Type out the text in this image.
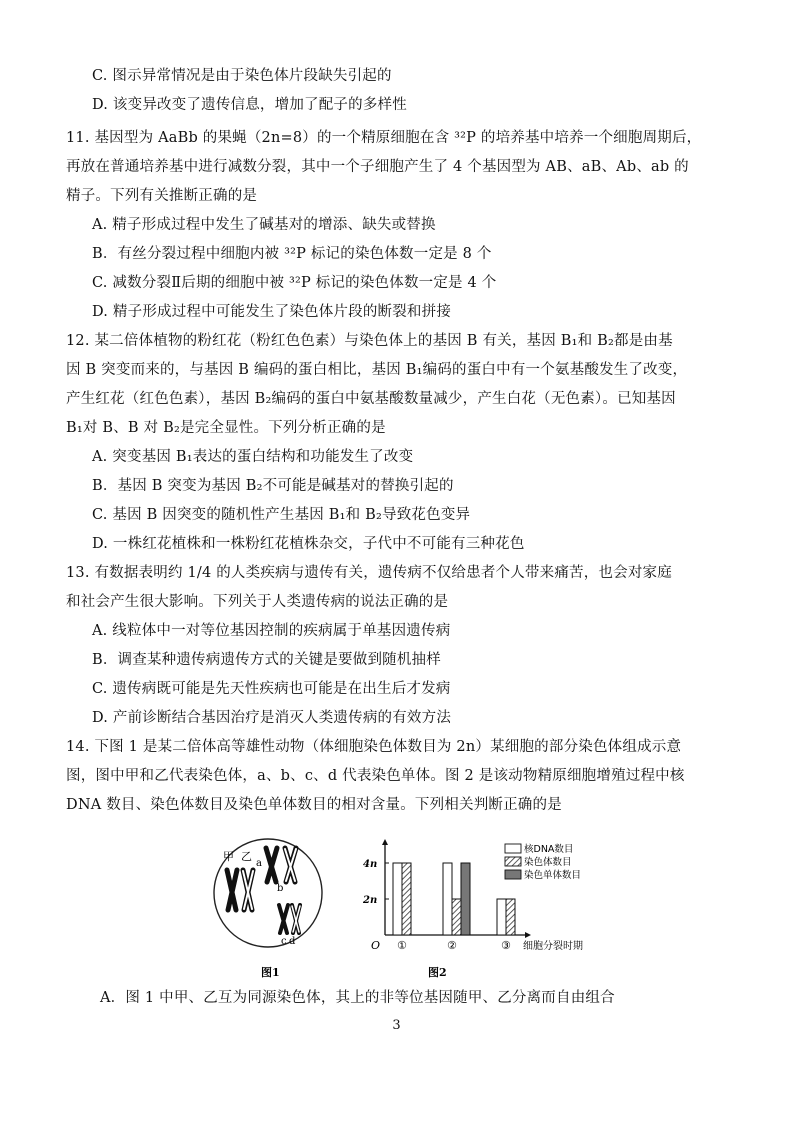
C. 图示异常情况是由于染色体片段缺失引起的
D. 该变异改变了遗传信息，增加了配子的多样性
11. 基因型为 AaBb 的果蝇（2n=8）的一个精原细胞在含 ³²P 的培养基中培养一个细胞周期后，
再放在普通培养基中进行减数分裂，其中一个子细胞产生了 4 个基因型为 AB、aB、Ab、ab 的
精子。下列有关推断正确的是
A. 精子形成过程中发生了碱基对的增添、缺失或替换
B．有丝分裂过程中细胞内被 ³²P 标记的染色体数一定是 8 个
C. 减数分裂Ⅱ后期的细胞中被 ³²P 标记的染色体数一定是 4 个
D. 精子形成过程中可能发生了染色体片段的断裂和拼接
12. 某二倍体植物的粉红花（粉红色色素）与染色体上的基因 B 有关，基因 B₁和 B₂都是由基
因 B 突变而来的，与基因 B 编码的蛋白相比，基因 B₁编码的蛋白中有一个氨基酸发生了改变，
产生红花（红色色素），基因 B₂编码的蛋白中氨基酸数量减少，产生白花（无色素）。已知基因
B₁对 B、B 对 B₂是完全显性。下列分析正确的是
A. 突变基因 B₁表达的蛋白结构和功能发生了改变
B．基因 B 突变为基因 B₂不可能是碱基对的替换引起的
C. 基因 B 因突变的随机性产生基因 B₁和 B₂导致花色变异
D. 一株红花植株和一株粉红花植株杂交，子代中不可能有三种花色
13. 有数据表明约 1/4 的人类疾病与遗传有关，遗传病不仅给患者个人带来痛苦，也会对家庭
和社会产生很大影响。下列关于人类遗传病的说法正确的是
A. 线粒体中一对等位基因控制的疾病属于单基因遗传病
B．调查某种遗传病遗传方式的关键是要做到随机抽样
C. 遗传病既可能是先天性疾病也可能是在出生后才发病
D. 产前诊断结合基因治疗是消灭人类遗传病的有效方法
14. 下图 1 是某二倍体高等雄性动物（体细胞染色体数目为 2n）某细胞的部分染色体组成示意
图，图中甲和乙代表染色体，a、b、c、d 代表染色单体。图 2 是该动物精原细胞增殖过程中核
DNA 数目、染色体数目及染色单体数目的相对含量。下列相关判断正确的是
甲 乙
a
b
c d
图1
O
4n
2n
细胞分裂时期
①	②	③
核DNA数目
染色体数目
染色单体数目
图2
A．图 1 中甲、乙互为同源染色体，其上的非等位基因随甲、乙分离而自由组合
3
